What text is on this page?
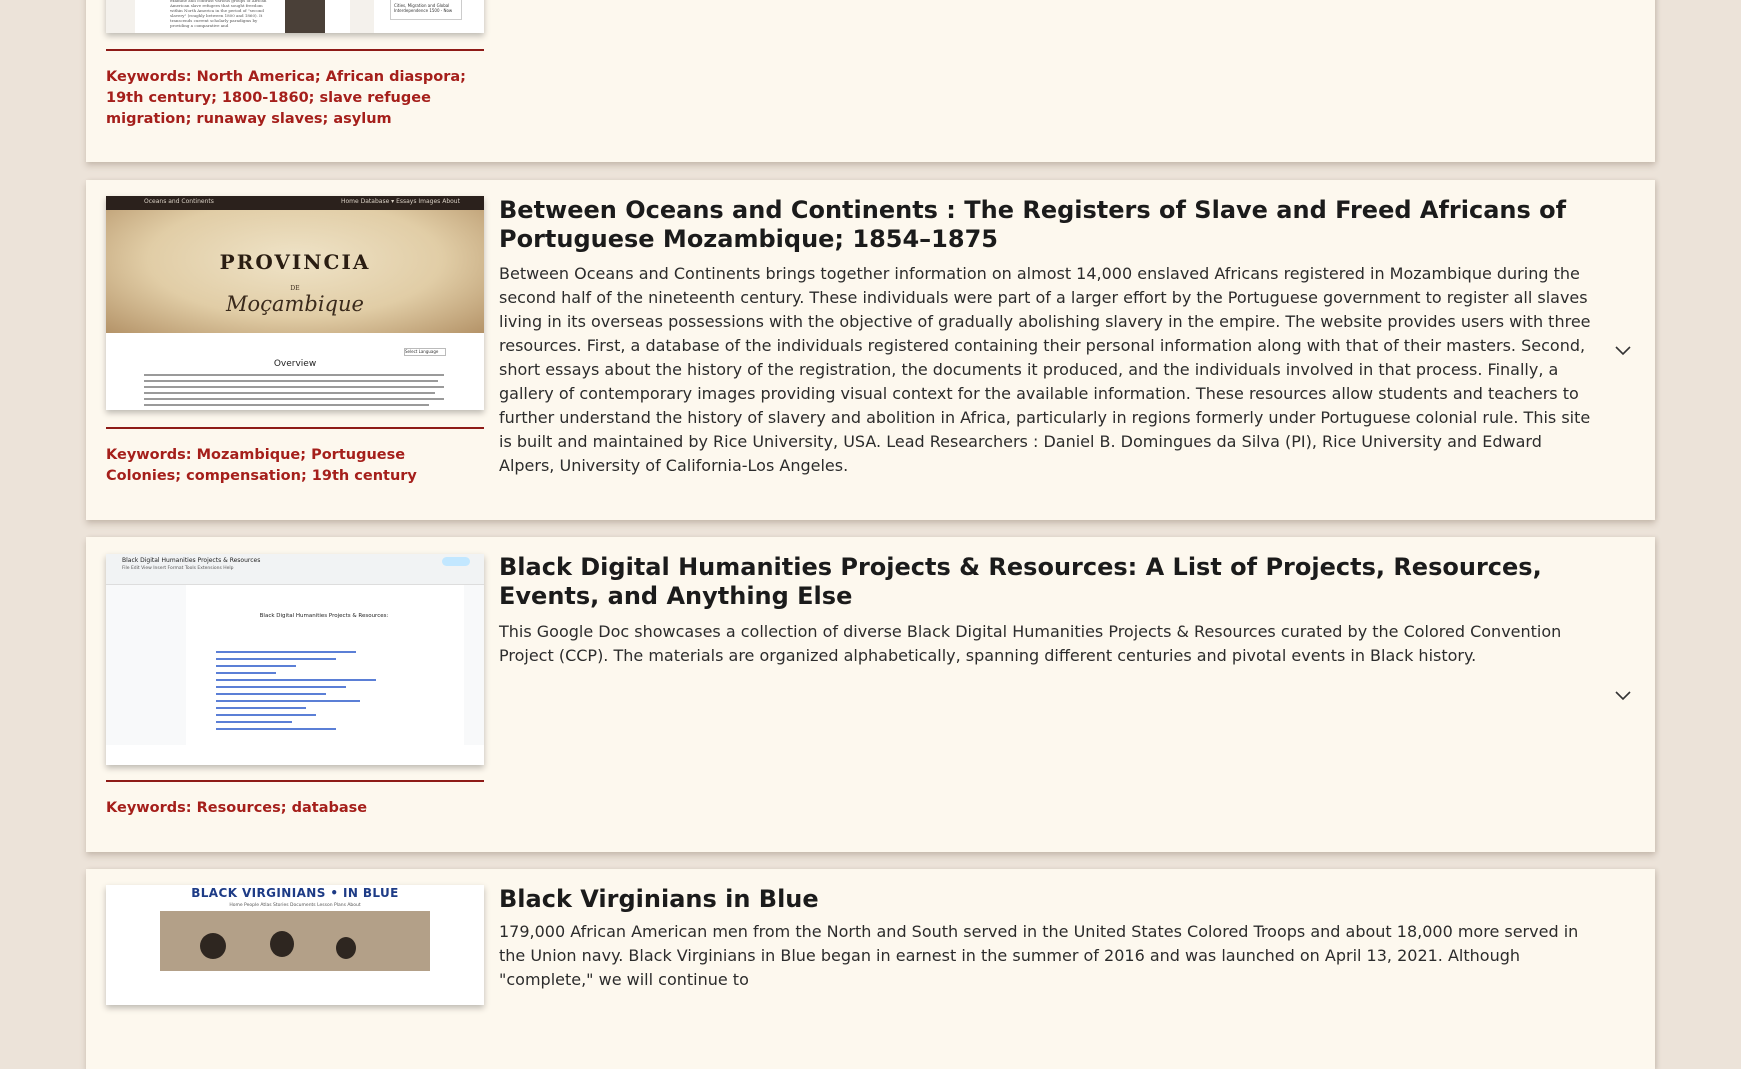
examine and contrast various groups of African American slave refugees that sought freedom within North America in the period of "second slavery" (roughly between 1800 and 1860). It transcends current scholarly paradigms by providing a comparative and
Cities, Migration and Global Interdependence 1500 - Now
Keywords: North America; African diaspora; 19th century; 1800-1860; slave refugee migration; runaway slaves; asylum
Oceans and Continents	Home Database ▾ Essays Images About
PROVINCIA
DE
Moçambique
Select Language
Overview
Keywords: Mozambique; Portuguese Colonies; compensation; 19th century
Between Oceans and Continents : The Registers of Slave and Freed Africans of Portuguese Mozambique; 1854–1875

Between Oceans and Continents brings together information on almost 14,000 enslaved Africans registered in Mozambique during the second half of the nineteenth century. These individuals were part of a larger effort by the Portuguese government to register all slaves living in its overseas possessions with the objective of gradually abolishing slavery in the empire. The website provides users with three resources. First, a database of the individuals registered containing their personal information along with that of their masters. Second, short essays about the history of the registration, the documents it produced, and the individuals involved in that process. Finally, a gallery of contemporary images providing visual context for the available information. These resources allow students and teachers to further understand the history of slavery and abolition in Africa, particularly in regions formerly under Portuguese colonial rule. This site is built and maintained by Rice University, USA. Lead Researchers : Daniel B. Domingues da Silva (PI), Rice University and Edward Alpers, University of California-Los Angeles.

Black Digital Humanities Projects & Resources
File Edit View Insert Format Tools Extensions Help
Black Digital Humanities Projects & Resources:
Keywords: Resources; database
Black Digital Humanities Projects & Resources: A List of Projects, Resources, Events, and Anything Else

This Google Doc showcases a collection of diverse Black Digital Humanities Projects & Resources curated by the Colored Convention Project (CCP). The materials are organized alphabetically, spanning different centuries and pivotal events in Black history.

BLACK VIRGINIANS • IN BLUE
Home People Atlas Stories Documents Lesson Plans About	Black Virginians in Blue

179,000 African American men from the North and South served in the United States Colored Troops and about 18,000 more served in the Union navy. Black Virginians in Blue began in earnest in the summer of 2016 and was launched on April 13, 2021. Although "complete," we will continue to
